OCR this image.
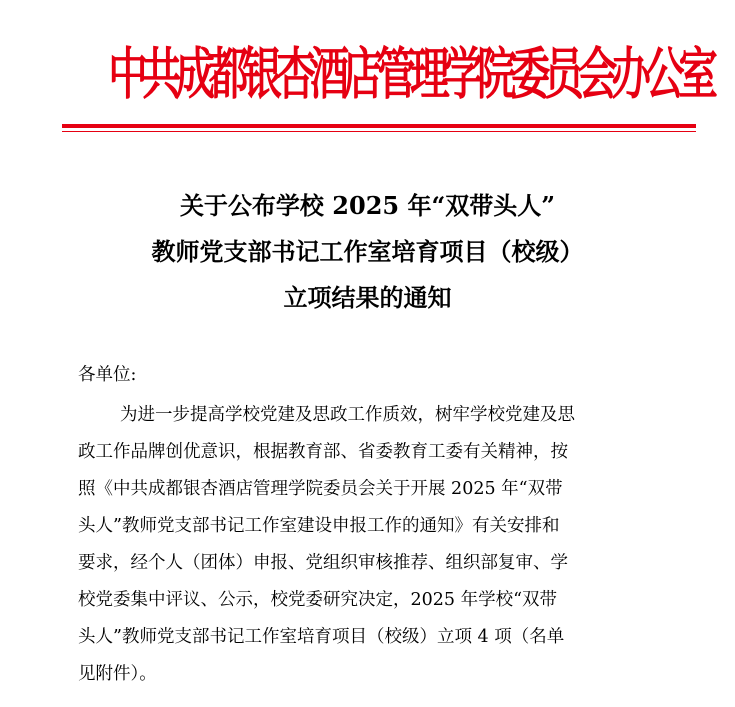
中共成都银杏酒店管理学院委员会办公室
关于公布学校 2025 年“双带头人”
教师党支部书记工作室培育项目（校级）
立项结果的通知
各单位:
为进一步提高学校党建及思政工作质效，树牢学校党建及思
政工作品牌创优意识，根据教育部、省委教育工委有关精神，按
照《中共成都银杏酒店管理学院委员会关于开展 2025 年“双带
头人”教师党支部书记工作室建设申报工作的通知》有关安排和
要求，经个人（团体）申报、党组织审核推荐、组织部复审、学
校党委集中评议、公示，校党委研究决定，2025 年学校“双带
头人”教师党支部书记工作室培育项目（校级）立项 4 项（名单
见附件）。
